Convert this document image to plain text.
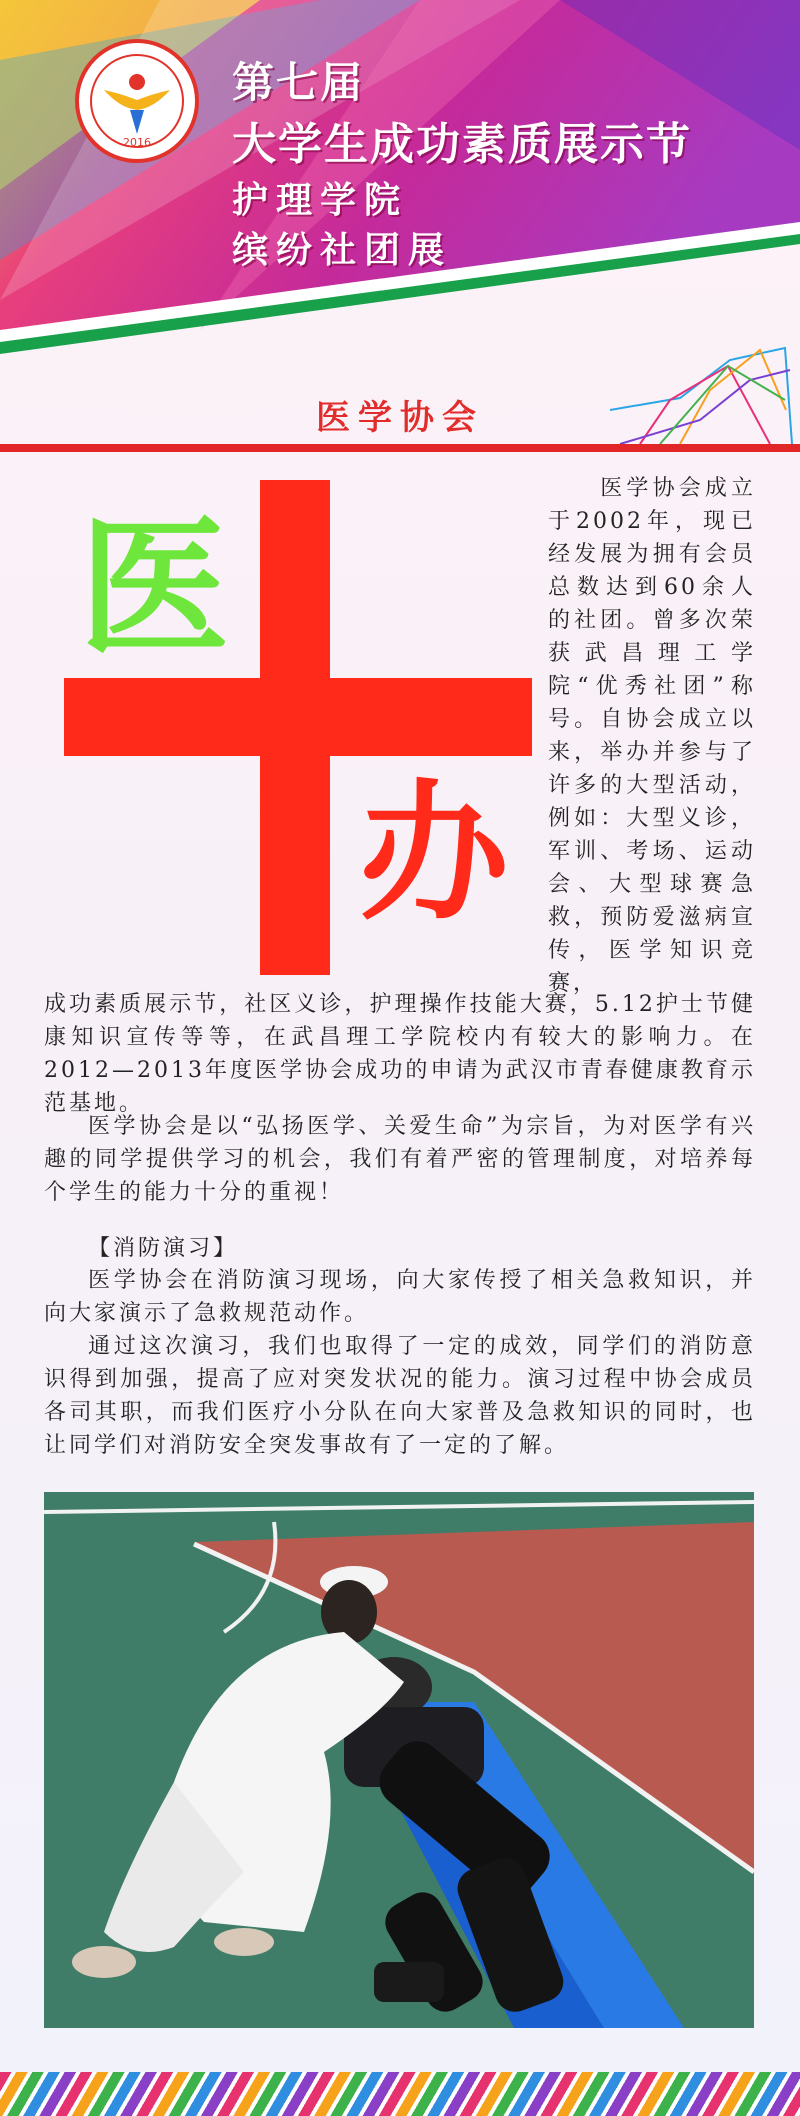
2016
第七届
大学生成功素质展示节
护理学院
缤纷社团展
医学协会
医
办
　　医学协会成立于2002年，现已经发展为拥有会员总数达到60余人的社团。曾多次荣获武昌理工学院“优秀社团”称号。自协会成立以来，举办并参与了许多的大型活动，例如：大型义诊，军训、考场、运动会、大型球赛急救，预防爱滋病宣传，医学知识竞赛，
成功素质展示节，社区义诊，护理操作技能大赛，5.12护士节健康知识宣传等等，在武昌理工学院校内有较大的影响力。在2012—2013年度医学协会成功的申请为武汉市青春健康教育示范基地。
医学协会是以“弘扬医学、关爱生命”为宗旨，为对医学有兴趣的同学提供学习的机会，我们有着严密的管理制度，对培养每个学生的能力十分的重视！
【消防演习】
医学协会在消防演习现场，向大家传授了相关急救知识，并向大家演示了急救规范动作。
通过这次演习，我们也取得了一定的成效，同学们的消防意识得到加强，提高了应对突发状况的能力。演习过程中协会成员各司其职，而我们医疗小分队在向大家普及急救知识的同时，也让同学们对消防安全突发事故有了一定的了解。
